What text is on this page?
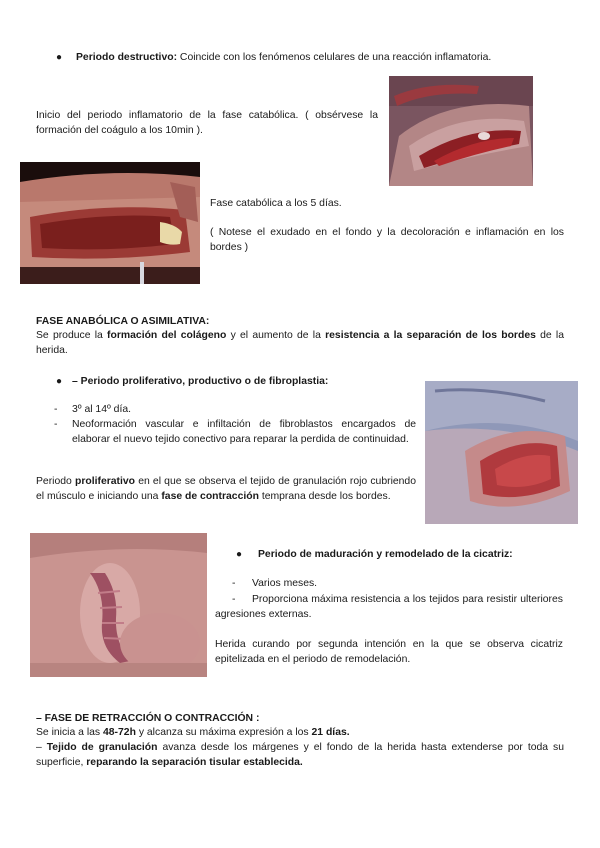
● Periodo destructivo: Coincide con los fenómenos celulares de una reacción inflamatoria.
Inicio del periodo inflamatorio de la fase catabólica. ( obsérvese la formación del coágulo a los 10min ).
Fase catabólica a los 5 días.
( Notese el exudado en el fondo y la decoloración e inflamación en los bordes )
FASE ANABÓLICA O ASIMILATIVA:
Se produce la formación del colágeno y el aumento de la resistencia a la separación de los bordes de la herida.
● – Periodo proliferativo, productivo o de fibroplastia:
- 3º al 14º día.
- Neoformación vascular e infiltación de fibroblastos encargados de elaborar el nuevo tejido conectivo para reparar la perdida de continuidad.
Periodo proliferativo en el que se observa el tejido de granulación rojo cubriendo el músculo e iniciando una fase de contracción temprana desde los bordes.
● Periodo de maduración y remodelado de la cicatriz:
- Varios meses.
-	Proporciona máxima resistencia a los tejidos para resistir ulteriores agresiones externas.
Herida curando por segunda intención en la que se observa cicatriz epitelizada en el periodo de remodelación.
– FASE DE RETRACCIÓN O CONTRACCIÓN :
Se inicia a las 48-72h y alcanza su máxima expresión a los 21 días.
– Tejido de granulación avanza desde los márgenes y el fondo de la herida hasta extenderse por toda su superficie, reparando la separación tisular establecida.
